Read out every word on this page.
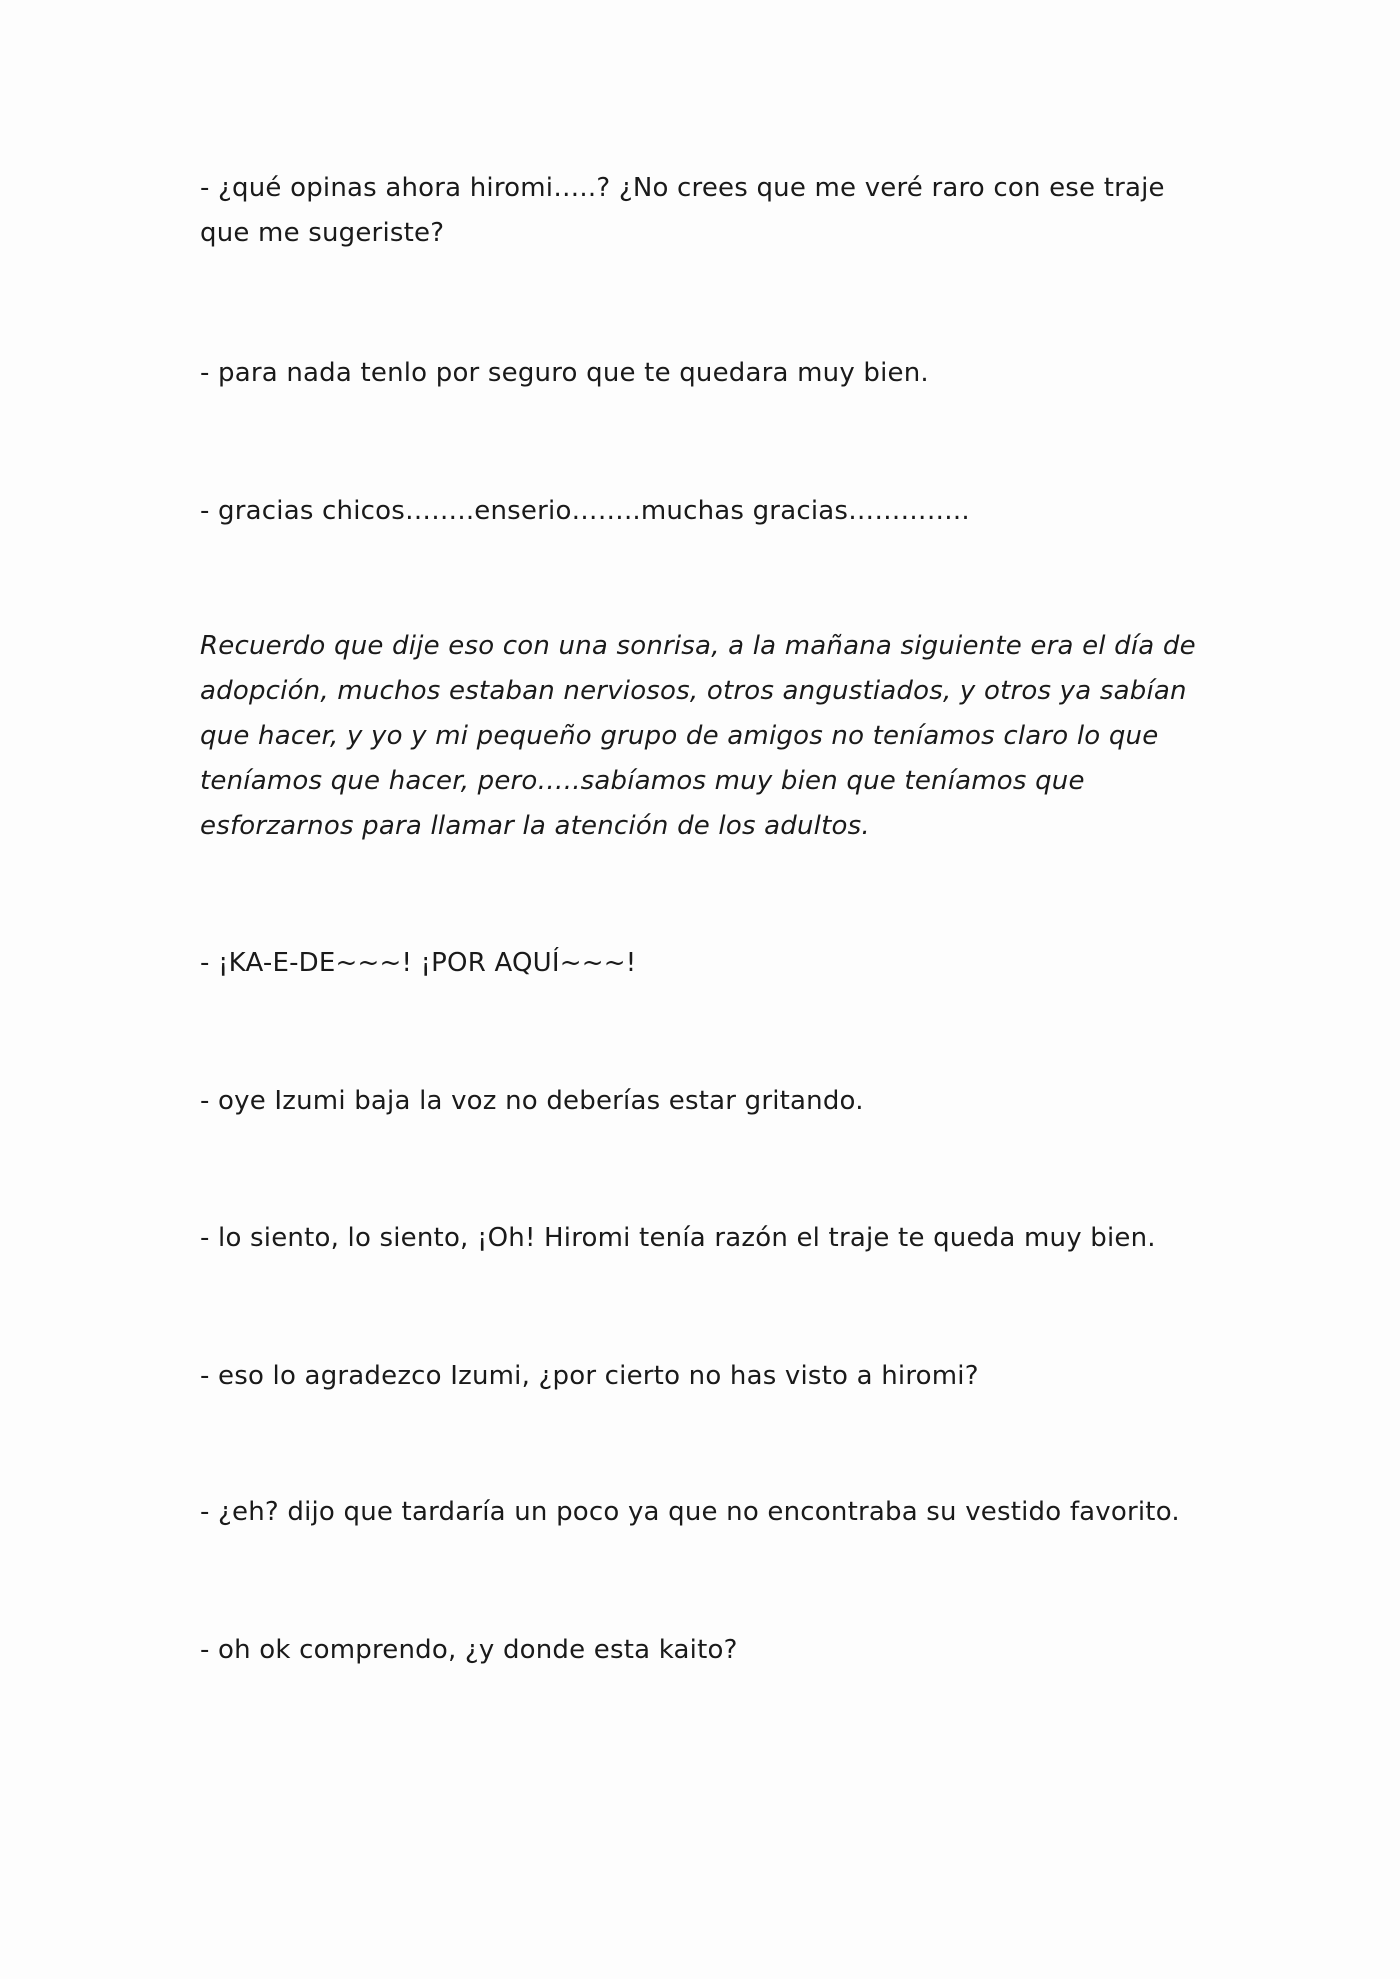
- ¿qué opinas ahora hiromi…..? ¿No crees que me veré raro con ese traje que me sugeriste?

- para nada tenlo por seguro que te quedara muy bien.

- gracias chicos……..enserio……..muchas gracias…………..

Recuerdo que dije eso con una sonrisa, a la mañana siguiente era el día de adopción, muchos estaban nerviosos, otros angustiados, y otros ya sabían que hacer, y yo y mi pequeño grupo de amigos no teníamos claro lo que teníamos que hacer, pero…..sabíamos muy bien que teníamos que esforzarnos para llamar la atención de los adultos.

- ¡KA-E-DE~~~! ¡POR AQUÍ~~~!

- oye Izumi baja la voz no deberías estar gritando.

- lo siento, lo siento, ¡Oh! Hiromi tenía razón el traje te queda muy bien.

- eso lo agradezco Izumi, ¿por cierto no has visto a hiromi?

- ¿eh? dijo que tardaría un poco ya que no encontraba su vestido favorito.

- oh ok comprendo, ¿y donde esta kaito?
